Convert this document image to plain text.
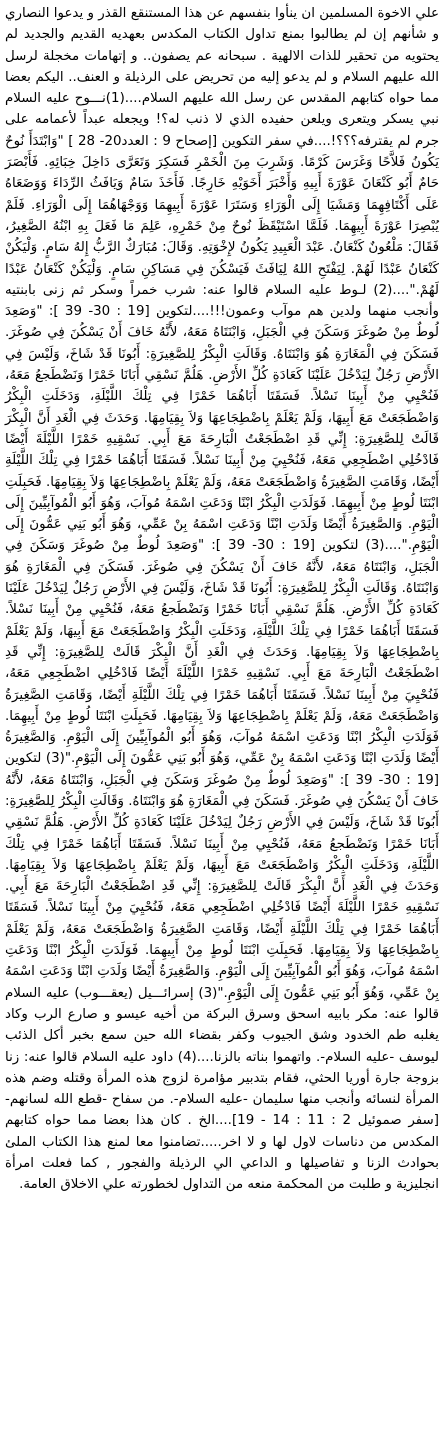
علي الاخوة المسلمين ان ينأوا بنفسهم عن هذا المستنقع القذر و يدعوا النصاري و شأنهم إن لم يطالبوا بمنع تداول الكتاب المكدس بعهديه القديم والجديد لم يحتويه من تحقير للذات الالهية . سبحانه عم يصفون.. و إتهامات مخجلة لرسل الله عليهم السلام و لم يدعو إليه من تحريض على الرذيلة و العنف.. اليكم بعضا مما حواه كتابهم المقدس عن رسل الله عليهم السلام....(1)نـــوح عليه السلام نبي يسكر ويتعرى ويلعن حفيده الذي لا ذنب له؟! ويجعله عبداً لأعمامه على جرم لم يقترفه؟؟؟!....في سفر التكوين [إصحاح 9 : العدد20- 28 ] "وَابْتَدَأَ نُوحٌ يَكُونُ فَلاَّحًا وَغَرَسَ كَرْمًا. وَشَرِبَ مِنَ الْخَمْرِ فَسَكِرَ وَتَعَرَّى دَاخِلَ خِبَائِهِ. فَأَبْصَرَ حَامٌ أَبُو كَنْعَانَ عَوْرَةَ أَبِيهِ وَأَخْبَرَ أَخَوَيْهِ خَارِجًا. فَأَخَذَ سَامٌ وَيَافَثُ الرِّدَاءَ وَوَضَعَاهُ عَلَى أَكْتَافِهِمَا وَمَشَيَا إِلَى الْوَرَاءِ وَسَتَرَا عَوْرَةَ أَبِيهِمَا وَوَجْهَاهُمَا إِلَى الْوَرَاءِ. فَلَمْ يُبْصِرَا عَوْرَةَ أَبِيهِمَا. فَلَمَّا اسْتَيْقَظَ نُوحٌ مِنْ خَمْرِهِ، عَلِمَ مَا فَعَلَ بِهِ ابْنُهُ الصَّغِيرُ، فَقَالَ: مَلْعُونٌ كَنْعَانُ. عَبْدَ الْعَبِيدِ يَكُونُ لإِخْوَتِهِ. وَقَالَ: مُبَارَكٌ الرَّبُّ إِلهُ سَامٍ. وَلْيَكُنْ كَنْعَانُ عَبْدًا لَهُمْ. لِيَفْتَحِ اللهُ لِيَافَثَ فَيَسْكُنَ فِي مَسَاكِنِ سَامٍ. وَلْيَكُنْ كَنْعَانُ عَبْدًا لَهُمْ."....(2) لـوط عليه السلام قالوا عنه: شرب خمراً وسكر ثم زنى بابنتيه وأنجب منهما ولدين هم موآب وعمون!!!....لتكوين [19 : 30- 39 ]: "وَصَعِدَ لُوطٌ مِنْ صُوغَرَ وَسَكَنَ فِي الْجَبَلِ، وَابْنَتَاهُ مَعَهُ، لأَنَّهُ خَافَ أَنْ يَسْكُنَ فِي صُوغَرَ. فَسَكَنَ فِي الْمَغَارَةِ هُوَ وَابْنَتَاهُ. وَقَالَتِ الْبِكْرُ لِلصَّغِيرَةِ: أَبُونَا قَدْ شَاخَ، وَلَيْسَ فِي الأَرْضِ رَجُلٌ لِيَدْخُلَ عَلَيْنَا كَعَادَةِ كُلِّ الأَرْضِ. هَلُمَّ نَسْقِي أَبَانَا خَمْرًا وَنَضْطَجعُ مَعَهُ، فَنُحْيِي مِنْ أَبِينَا نَسْلاً. فَسَقَتَا أَبَاهُمَا خَمْرًا فِي تِلْكَ اللَّيْلَةِ، وَدَخَلَتِ الْبِكْرُ وَاضْطَجَعَتْ مَعَ أَبِيهَا، وَلَمْ يَعْلَمْ بِاضْطِجَاعِهَا وَلاَ بِقِيَامِهَا. وَحَدَثَ فِي الْغَدِ أَنَّ الْبِكْرَ قَالَتْ لِلصَّغِيرَةِ: إِنِّي قَدِ اضْطَجَعْتُ الْبَارِحَةَ مَعَ أَبِي. نَسْقِيهِ خَمْرًا اللَّيْلَةَ أَيْضًا فَادْخُلِي اضْطَجِعِي مَعَهُ، فَنُحْيِيَ مِنْ أَبِينَا نَسْلاً. فَسَقَتَا أَبَاهُمَا خَمْرًا فِي تِلْكَ اللَّيْلَةِ أَيْضًا، وَقَامَتِ الصَّغِيرَةُ وَاضْطَجَعَتْ مَعَهُ، وَلَمْ يَعْلَمْ بِاضْطِجَاعِهَا وَلاَ بِقِيَامِهَا. فَحَبِلَتِ ابْنَتَا لُوطٍ مِنْ أَبِيهِمَا. فَوَلَدَتِ الْبِكْرُ ابْنًا وَدَعَتِ اسْمَهُ مُوآبَ، وَهُوَ أَبُو الْمُوآبِيِّينَ إِلَى الْيَوْمِ. وَالصَّغِيرَةُ أَيْضًا وَلَدَتِ ابْنًا وَدَعَتِ اسْمَهُ بِنْ عَمِّي، وَهُوَ أَبُو بَنِي عَمُّونَ إِلَى الْيَوْمِ."....(3) لتكوين [19 : 30- 39 ]: "وَصَعِدَ لُوطٌ مِنْ صُوغَرَ وَسَكَنَ فِي الْجَبَلِ، وَابْنَتَاهُ مَعَهُ، لأَنَّهُ خَافَ أَنْ يَسْكُنَ فِي صُوغَرَ. فَسَكَنَ فِي الْمَغَارَةِ هُوَ وَابْنَتَاهُ. وَقَالَتِ الْبِكْرُ لِلصَّغِيرَةِ: أَبُونَا قَدْ شَاخَ، وَلَيْسَ فِي الأَرْضِ رَجُلٌ لِيَدْخُلَ عَلَيْنَا كَعَادَةِ كُلِّ الأَرْضِ. هَلُمَّ نَسْقِي أَبَانَا خَمْرًا وَنَضْطَجعُ مَعَهُ، فَنُحْيِي مِنْ أَبِينَا نَسْلاً. فَسَقَتَا أَبَاهُمَا خَمْرًا فِي تِلْكَ اللَّيْلَةِ، وَدَخَلَتِ الْبِكْرُ وَاضْطَجَعَتْ مَعَ أَبِيهَا، وَلَمْ يَعْلَمْ بِاضْطِجَاعِهَا وَلاَ بِقِيَامِهَا. وَحَدَثَ فِي الْغَدِ أَنَّ الْبِكْرَ قَالَتْ لِلصَّغِيرَةِ: إِنِّي قَدِ اضْطَجَعْتُ الْبَارِحَةَ مَعَ أَبِي. نَسْقِيهِ خَمْرًا اللَّيْلَةَ أَيْضًا فَادْخُلِي اضْطَجِعِي مَعَهُ، فَنُحْيِيَ مِنْ أَبِينَا نَسْلاً. فَسَقَتَا أَبَاهُمَا خَمْرًا فِي تِلْكَ اللَّيْلَةِ أَيْضًا، وَقَامَتِ الصَّغِيرَةُ وَاضْطَجَعَتْ مَعَهُ، وَلَمْ يَعْلَمْ بِاضْطِجَاعِهَا وَلاَ بِقِيَامِهَا. فَحَبِلَتِ ابْنَتَا لُوطٍ مِنْ أَبِيهِمَا. فَوَلَدَتِ الْبِكْرُ ابْنًا وَدَعَتِ اسْمَهُ مُوآبَ، وَهُوَ أَبُو الْمُوآبِيِّينَ إِلَى الْيَوْمِ. وَالصَّغِيرَةُ أَيْضًا وَلَدَتِ ابْنًا وَدَعَتِ اسْمَهُ بِنْ عَمِّي، وَهُوَ أَبُو بَنِي عَمُّونَ إِلَى الْيَوْمِ."(3) لتكوين [19 : 30- 39 ]: "وَصَعِدَ لُوطٌ مِنْ صُوغَرَ وَسَكَنَ فِي الْجَبَلِ، وَابْنَتَاهُ مَعَهُ، لأَنَّهُ خَافَ أَنْ يَسْكُنَ فِي صُوغَرَ. فَسَكَنَ فِي الْمَغَارَةِ هُوَ وَابْنَتَاهُ. وَقَالَتِ الْبِكْرُ لِلصَّغِيرَةِ: أَبُونَا قَدْ شَاخَ، وَلَيْسَ فِي الأَرْضِ رَجُلٌ لِيَدْخُلَ عَلَيْنَا كَعَادَةِ كُلِّ الأَرْضِ. هَلُمَّ نَسْقِي أَبَانَا خَمْرًا وَنَضْطَجعُ مَعَهُ، فَنُحْيِي مِنْ أَبِينَا نَسْلاً. فَسَقَتَا أَبَاهُمَا خَمْرًا فِي تِلْكَ اللَّيْلَةِ، وَدَخَلَتِ الْبِكْرُ وَاضْطَجَعَتْ مَعَ أَبِيهَا، وَلَمْ يَعْلَمْ بِاضْطِجَاعِهَا وَلاَ بِقِيَامِهَا. وَحَدَثَ فِي الْغَدِ أَنَّ الْبِكْرَ قَالَتْ لِلصَّغِيرَةِ: إِنِّي قَدِ اضْطَجَعْتُ الْبَارِحَةَ مَعَ أَبِي. نَسْقِيهِ خَمْرًا اللَّيْلَةَ أَيْضًا فَادْخُلِي اضْطَجِعِي مَعَهُ، فَنُحْيِيَ مِنْ أَبِينَا نَسْلاً. فَسَقَتَا أَبَاهُمَا خَمْرًا فِي تِلْكَ اللَّيْلَةِ أَيْضًا، وَقَامَتِ الصَّغِيرَةُ وَاضْطَجَعَتْ مَعَهُ، وَلَمْ يَعْلَمْ بِاضْطِجَاعِهَا وَلاَ بِقِيَامِهَا. فَحَبِلَتِ ابْنَتَا لُوطٍ مِنْ أَبِيهِمَا. فَوَلَدَتِ الْبِكْرُ ابْنًا وَدَعَتِ اسْمَهُ مُوآبَ، وَهُوَ أَبُو الْمُوآبِيِّينَ إِلَى الْيَوْمِ. وَالصَّغِيرَةُ أَيْضًا وَلَدَتِ ابْنًا وَدَعَتِ اسْمَهُ بِنْ عَمِّي، وَهُوَ أَبُو بَنِي عَمُّونَ إِلَى الْيَوْمِ."(3) إسرائـــيل (يعقـــوب) عليه السلام قالوا عنه: مكر بابيه اسحق وسرق البركة من أخيه عيسو و صارع الرب وكاد يغلبه طم الخدود وشق الجيوب وكفر بقضاء الله حين سمع بخبر أكل الذئب ليوسف -عليه السلام-. واتهموا بناته بالزنا....(4) داود عليه السلام قالوا عنه: زنا بزوجة جارة أوريا الحثي، فقام بتدبير مؤامرة لزوج هذه المرأة وقتله وضم هذه المرأة لنسائه وأنجب منها سليمان -عليه السلام-. من سفاح -قطع الله لسانهم- [سفر صموئيل 2 : 11 : 14 - 19]....الخ . كان هذا بعضا مما حواه كتابهم المكدس من دناسات لاول لها و لا اخر.....تضامنوا معا لمنع هذا الكتاب الملئ بحوادث الزنا و تفاصيلها و الداعي الي الرذيلة والفجور , كما فعلت امرأة انجليزية و طلبت من المحكمة منعه من التداول لخطورته علي الاخلاق العامة.
